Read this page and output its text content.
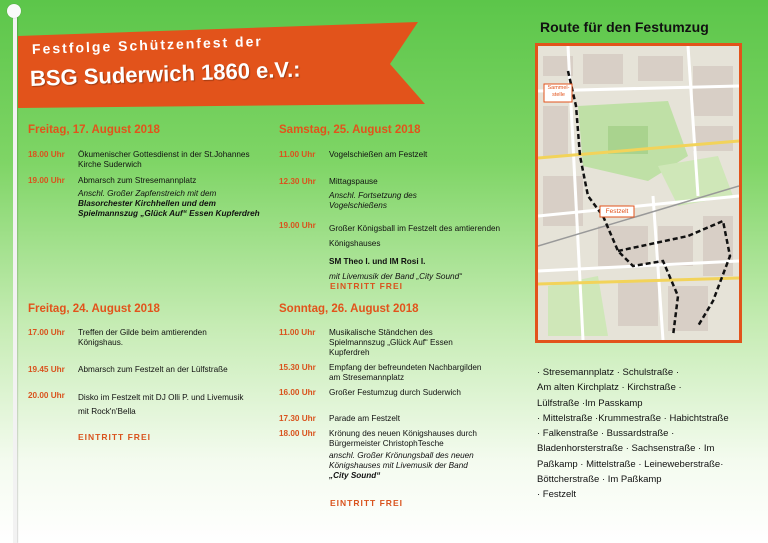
Festfolge Schützenfest der
BSG Suderwich 1860 e.V.:
Freitag, 17. August 2018
18.00 Uhr Ökumenischer Gottesdienst in der St.Johannes Kirche Suderwich
19.00 Uhr Abmarsch zum Stresemannplatz
Anschl. Großer Zapfenstreich mit dem
Blasorchester Kirchhellen und dem Spielmannszug „Glück Auf“ Essen Kupferdreh
Freitag, 24. August 2018
17.00 Uhr Treffen der Gilde beim amtierenden Königshaus.
19.45 Uhr Abmarsch zum Festzelt an der Lülfstraße
20.00 Uhr Disko im Festzelt mit DJ Olli P. und Livemusik mit Rock'n'Bella
EINTRITT FREI
Samstag, 25. August 2018
11.00 Uhr Vogelschießen am Festzelt
12.30 Uhr Mittagspause
Anschl. Fortsetzung des Vogelschießens
19.00 Uhr Großer Königsball im Festzelt des amtierenden Königshauses
SM Theo I. und IM Rosi I.
mit Livemusik der Band „City Sound“
EINTRITT FREI
Sonntag, 26. August 2018
11.00 Uhr Musikalische Ständchen des Spielmannszug „Glück Auf“ Essen Kupferdreh
15.30 Uhr Empfang der befreundeten Nachbargilden am Stresemannplatz
16.00 Uhr Großer Festumzug durch Suderwich
17.30 Uhr Parade am Festzelt
18.00 Uhr Krönung des neuen Königshauses durch Bürgermeister ChristophTesche
anschl. Großer Krönungsball des neuen Königshauses mit Livemusik der Band
„City Sound“
EINTRITT FREI
Route für den Festumzug
Sammel-stelle
Festzelt
· Stresemannplatz · Schulstraße ·
Am alten Kirchplatz · Kirchstraße ·
Lülfstraße ·Im Passkamp
· Mittelstraße ·Krummestraße · Habichtstraße
· Falkenstraße · Bussardstraße ·
Bladenhorsterstraße · Sachsenstraße · Im
Paßkamp · Mittelstraße · Leineweberstraße·
Böttcherstraße · Im Paßkamp
· Festzelt
